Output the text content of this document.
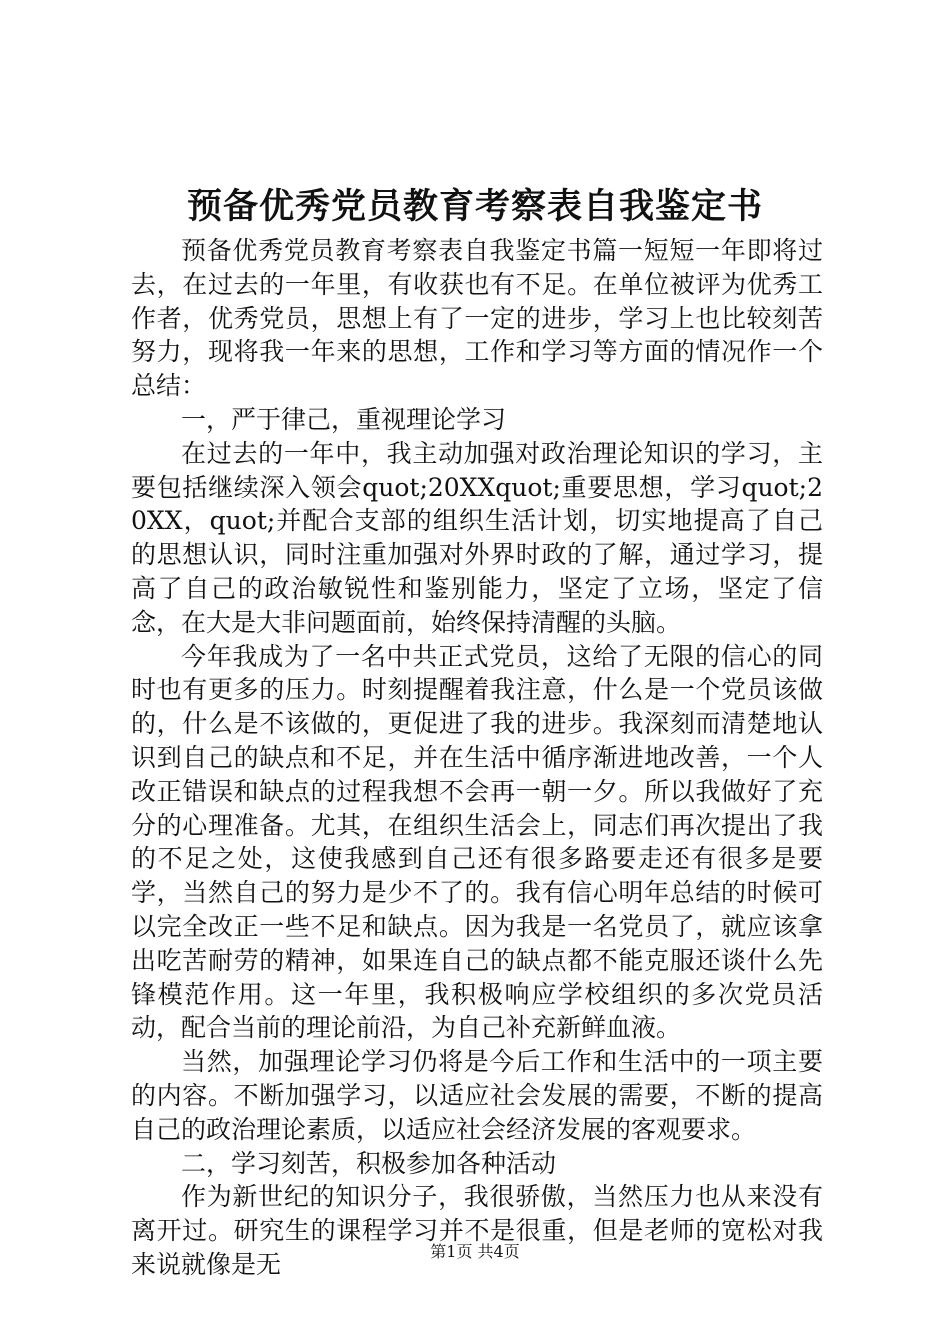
预备优秀党员教育考察表自我鉴定书

预备优秀党员教育考察表自我鉴定书篇一短短一年即将过去，在过去的一年里，有收获也有不足。在单位被评为优秀工作者，优秀党员，思想上有了一定的进步，学习上也比较刻苦努力，现将我一年来的思想，工作和学习等方面的情况作一个总结：

一，严于律己，重视理论学习

在过去的一年中，我主动加强对政治理论知识的学习，主要包括继续深入领会quot;20XXquot;重要思想，学习quot;20XX，quot;并配合支部的组织生活计划，切实地提高了自己的思想认识，同时注重加强对外界时政的了解，通过学习，提高了自己的政治敏锐性和鉴别能力，坚定了立场，坚定了信念，在大是大非问题面前，始终保持清醒的头脑。

今年我成为了一名中共正式党员，这给了无限的信心的同时也有更多的压力。时刻提醒着我注意，什么是一个党员该做的，什么是不该做的，更促进了我的进步。我深刻而清楚地认识到自己的缺点和不足，并在生活中循序渐进地改善，一个人改正错误和缺点的过程我想不会再一朝一夕。所以我做好了充分的心理准备。尤其，在组织生活会上，同志们再次提出了我的不足之处，这使我感到自己还有很多路要走还有很多是要学，当然自己的努力是少不了的。我有信心明年总结的时候可以完全改正一些不足和缺点。因为我是一名党员了，就应该拿出吃苦耐劳的精神，如果连自己的缺点都不能克服还谈什么先锋模范作用。这一年里，我积极响应学校组织的多次党员活动，配合当前的理论前沿，为自己补充新鲜血液。

当然，加强理论学习仍将是今后工作和生活中的一项主要的内容。不断加强学习，以适应社会发展的需要，不断的提高自己的政治理论素质，以适应社会经济发展的客观要求。

二，学习刻苦，积极参加各种活动

作为新世纪的知识分子，我很骄傲，当然压力也从来没有离开过。研究生的课程学习并不是很重，但是老师的宽松对我来说就像是无	第1页 共4页
